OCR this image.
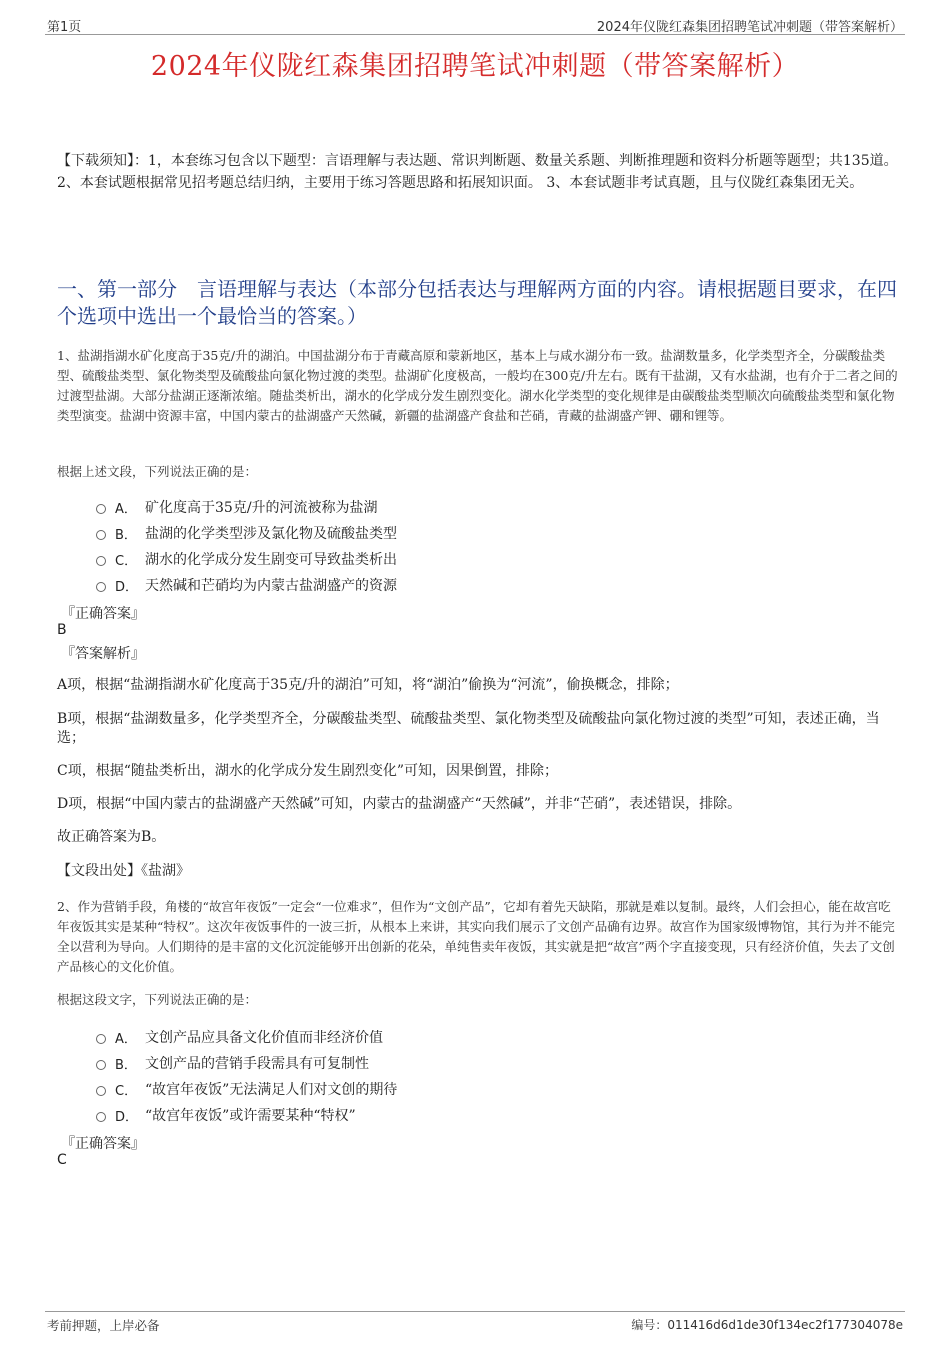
第1页	2024年仪陇红森集团招聘笔试冲刺题（带答案解析）
2024年仪陇红森集团招聘笔试冲刺题（带答案解析）
【下载须知】：1，本套练习包含以下题型：言语理解与表达题、常识判断题、数量关系题、判断推理题和资料分析题等题型；共135道。 2、本套试题根据常见招考题总结归纳，主要用于练习答题思路和拓展知识面。 3、本套试题非考试真题，且与仪陇红森集团无关。
一、第一部分　言语理解与表达（本部分包括表达与理解两方面的内容。请根据题目要求，在四个选项中选出一个最恰当的答案。）
1、盐湖指湖水矿化度高于35克/升的湖泊。中国盐湖分布于青藏高原和蒙新地区，基本上与咸水湖分布一致。盐湖数量多，化学类型齐全，分碳酸盐类型、硫酸盐类型、氯化物类型及硫酸盐向氯化物过渡的类型。盐湖矿化度极高，一般均在300克/升左右。既有干盐湖，又有水盐湖，也有介于二者之间的过渡型盐湖。大部分盐湖正逐渐浓缩。随盐类析出，湖水的化学成分发生剧烈变化。湖水化学类型的变化规律是由碳酸盐类型顺次向硫酸盐类型和氯化物类型演变。盐湖中资源丰富，中国内蒙古的盐湖盛产天然碱，新疆的盐湖盛产食盐和芒硝，青藏的盐湖盛产钾、硼和锂等。
根据上述文段，下列说法正确的是：
A． 矿化度高于35克/升的河流被称为盐湖
B． 盐湖的化学类型涉及氯化物及硫酸盐类型
C． 湖水的化学成分发生剧变可导致盐类析出
D． 天然碱和芒硝均为内蒙古盐湖盛产的资源
『正确答案』
B
『答案解析』
A项，根据“盐湖指湖水矿化度高于35克/升的湖泊”可知，将“湖泊”偷换为“河流”，偷换概念，排除；
B项，根据“盐湖数量多，化学类型齐全，分碳酸盐类型、硫酸盐类型、氯化物类型及硫酸盐向氯化物过渡的类型”可知，表述正确，当选；
C项，根据“随盐类析出，湖水的化学成分发生剧烈变化”可知，因果倒置，排除；
D项，根据“中国内蒙古的盐湖盛产天然碱”可知，内蒙古的盐湖盛产“天然碱”，并非“芒硝”，表述错误，排除。
故正确答案为B。
【文段出处】《盐湖》
2、作为营销手段，角楼的“故宫年夜饭”一定会“一位难求”，但作为“文创产品”，它却有着先天缺陷，那就是难以复制。最终，人们会担心，能在故宫吃年夜饭其实是某种“特权”。这次年夜饭事件的一波三折，从根本上来讲，其实向我们展示了文创产品确有边界。故宫作为国家级博物馆，其行为并不能完全以营利为导向。人们期待的是丰富的文化沉淀能够开出创新的花朵，单纯售卖年夜饭，其实就是把“故宫”两个字直接变现，只有经济价值，失去了文创产品核心的文化价值。
根据这段文字，下列说法正确的是：
A． 文创产品应具备文化价值而非经济价值
B． 文创产品的营销手段需具有可复制性
C． “故宫年夜饭”无法满足人们对文创的期待
D． “故宫年夜饭”或许需要某种“特权”
『正确答案』
C
考前押题，上岸必备	编号：011416d6d1de30f134ec2f177304078e
